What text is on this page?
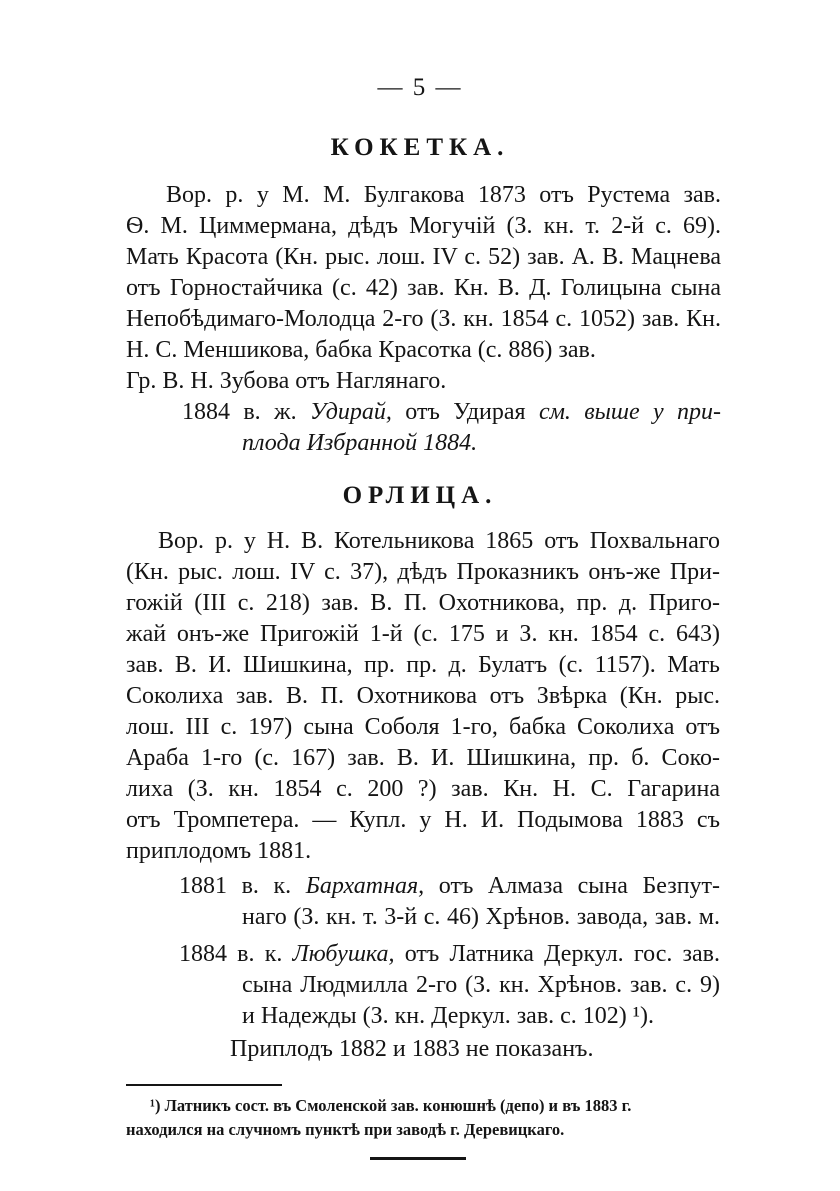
— 5 —
КОКЕТКА.
Вор. р. у М. М. Булгакова 1873 отъ Рустема зав.
Ѳ. М. Циммермана, дѣдъ Могучій (З. кн. т. 2-й с. 69).
Мать Красота (Кн. рыс. лош. IV с. 52) зав. А. В. Мацнева отъ Горностайчика (с. 42) зав. Кн. В. Д. Голицына сына Непобѣдимаго-Молодца 2-го (З. кн. 1854 с. 1052) зав. Кн. Н. С. Меншикова, бабка Красотка (с. 886) зав.
Гр. В. Н. Зубова отъ Наглянаго.
1884 в. ж. Удирай, отъ Удирая см. выше у при-
плода Избранной 1884.
ОРЛИЦА.
Вор. р. у Н. В. Котельникова 1865 отъ Похвальнаго
(Кн. рыс. лош. IV с. 37), дѣдъ Проказникъ онъ-же При-
гожій (III с. 218) зав. В. П. Охотникова, пр. д. Приго-
жай онъ-же Пригожій 1-й (с. 175 и З. кн. 1854 с. 643)
зав. В. И. Шишкина, пр. пр. д. Булатъ (с. 1157). Мать
Соколиха зав. В. П. Охотникова отъ Звѣрка (Кн. рыс.
лош. III с. 197) сына Соболя 1-го, бабка Соколиха отъ
Араба 1-го (с. 167) зав. В. И. Шишкина, пр. б. Соко-
лиха (З. кн. 1854 с. 200 ?) зав. Кн. Н. С. Гагарина
отъ Тромпетера. — Купл. у Н. И. Подымова 1883 съ
приплодомъ 1881.
1881 в. к. Бархатная, отъ Алмаза сына Безпут-
наго (З. кн. т. 3-й с. 46) Хрѣнов. завода, зав. м.
1884 в. к. Любушка, отъ Латника Деркул. гос. зав.
сына Людмилла 2-го (З. кн. Хрѣнов. зав. с. 9)
и Надежды (З. кн. Деркул. зав. с. 102) ¹).
Приплодъ 1882 и 1883 не показанъ.
¹) Латникъ сост. въ Смоленской зав. конюшнѣ (депо) и въ 1883 г.
находился на случномъ пунктѣ при заводѣ г. Деревицкаго.
